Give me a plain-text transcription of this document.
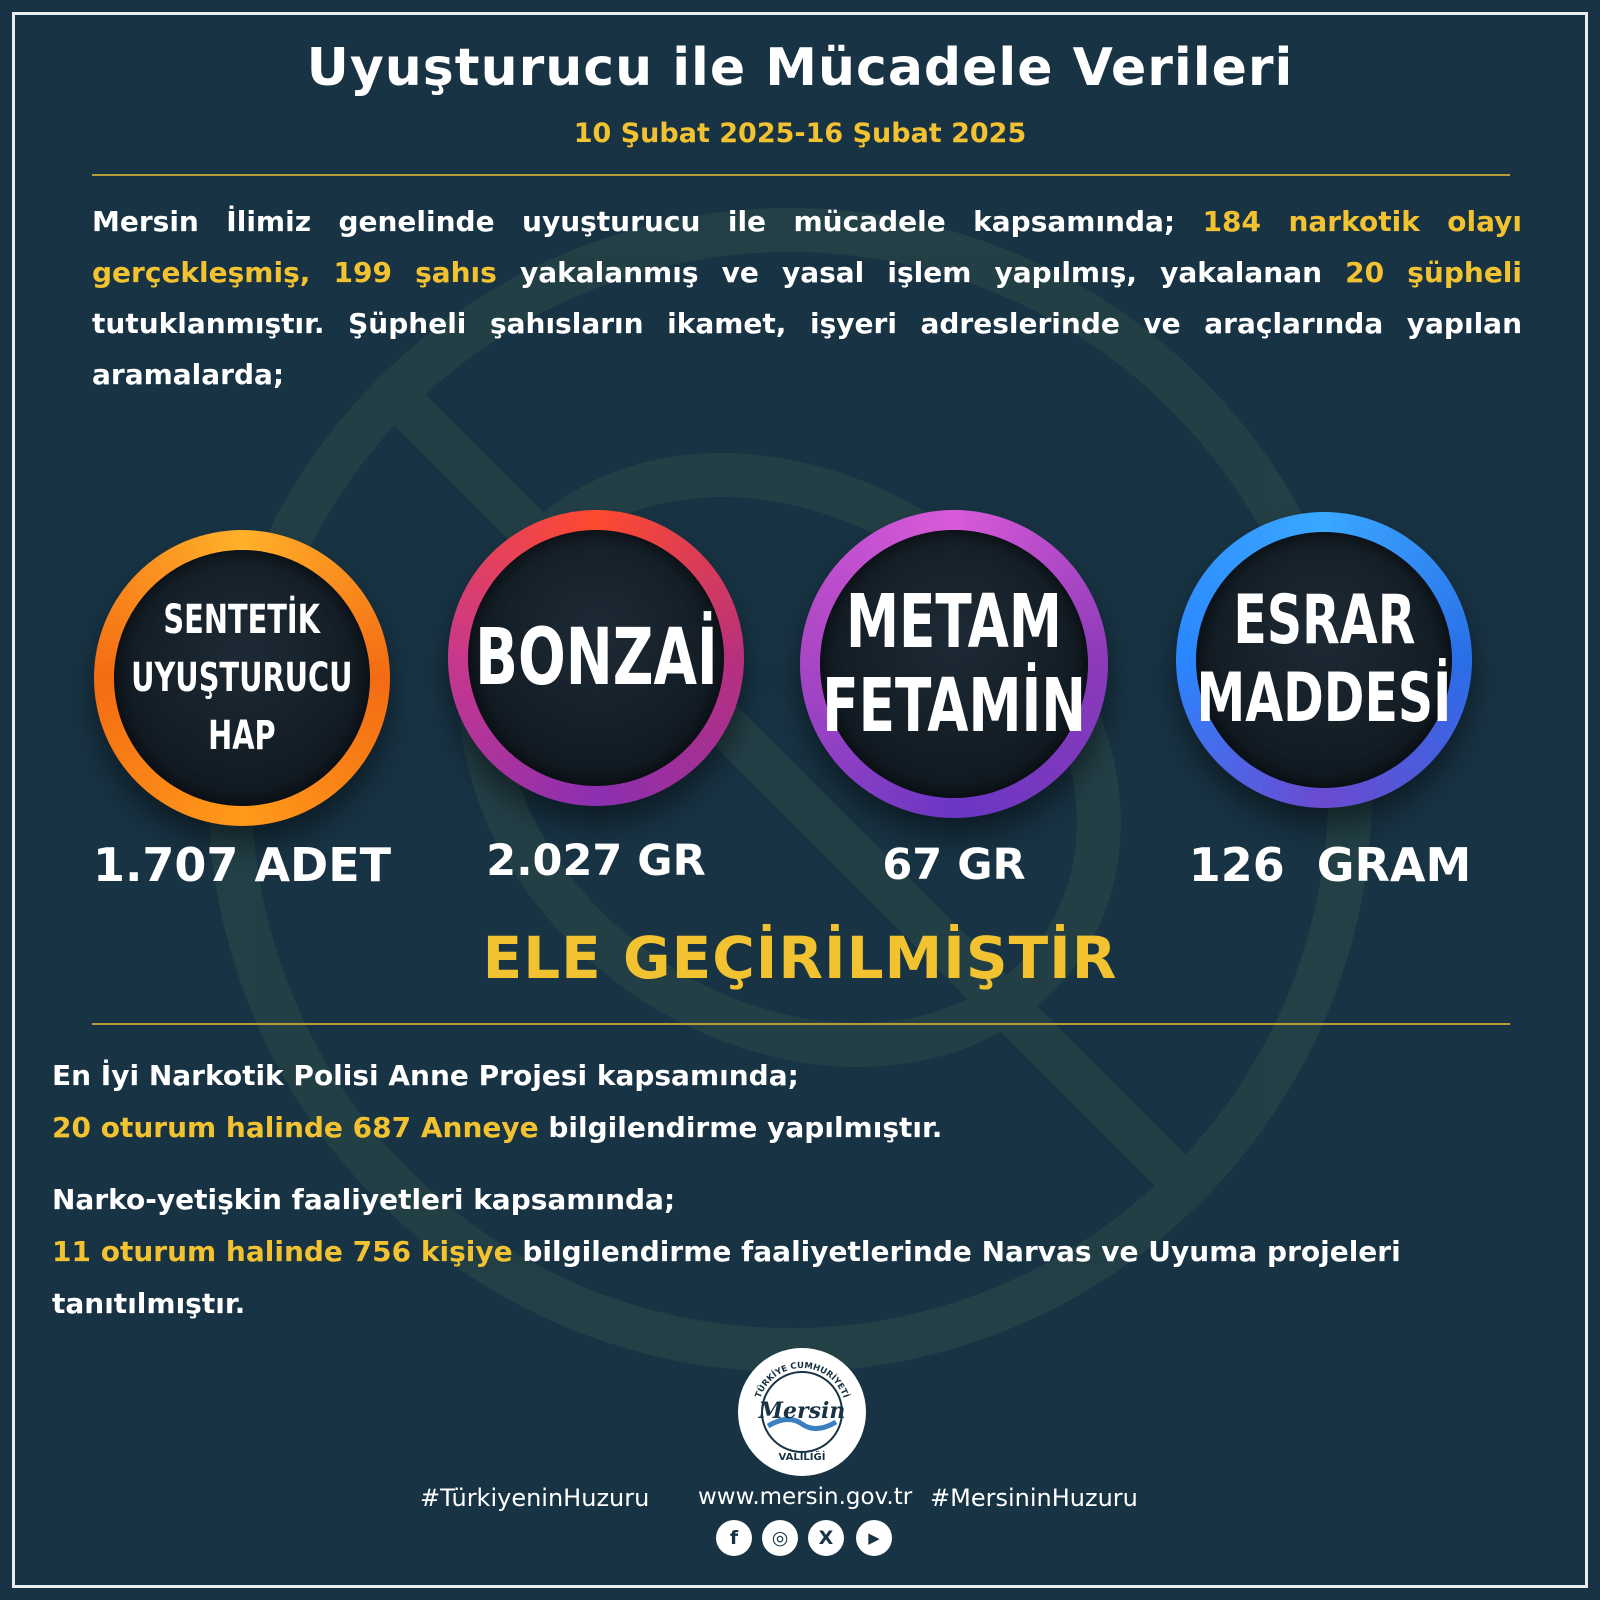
Uyuşturucu ile Mücadele Verileri
10 Şubat 2025-16 Şubat 2025
Mersin İlimiz genelinde uyuşturucu ile mücadele kapsamında; 184 narkotik olayı gerçekleşmiş, 199 şahıs yakalanmış ve yasal işlem yapılmış, yakalanan 20 şüpheli tutuklanmıştır. Şüpheli şahısların ikamet, işyeri adreslerinde ve araçlarında yapılan aramalarda;
SENTETİK
UYUŞTURUCU
HAP
1.707 ADET
BONZAİ
2.027 GR
METAM
FETAMİN
67 GR
ESRAR
MADDESİ
126  GRAM
ELE GEÇİRİLMİŞTİR
En İyi Narkotik Polisi Anne Projesi kapsamında;
20 oturum halinde 687 Anneye bilgilendirme yapılmıştır.
Narko-yetişkin faaliyetleri kapsamında;
11 oturum halinde 756 kişiye bilgilendirme faaliyetlerinde Narvas ve Uyuma projeleri tanıtılmıştır.
TÜRKİYE CUMHURİYETİ
Mersin
VALİLİĞİ
#TürkiyeninHuzuru www.mersin.gov.tr #MersininHuzuru
f	◎	X	▶
